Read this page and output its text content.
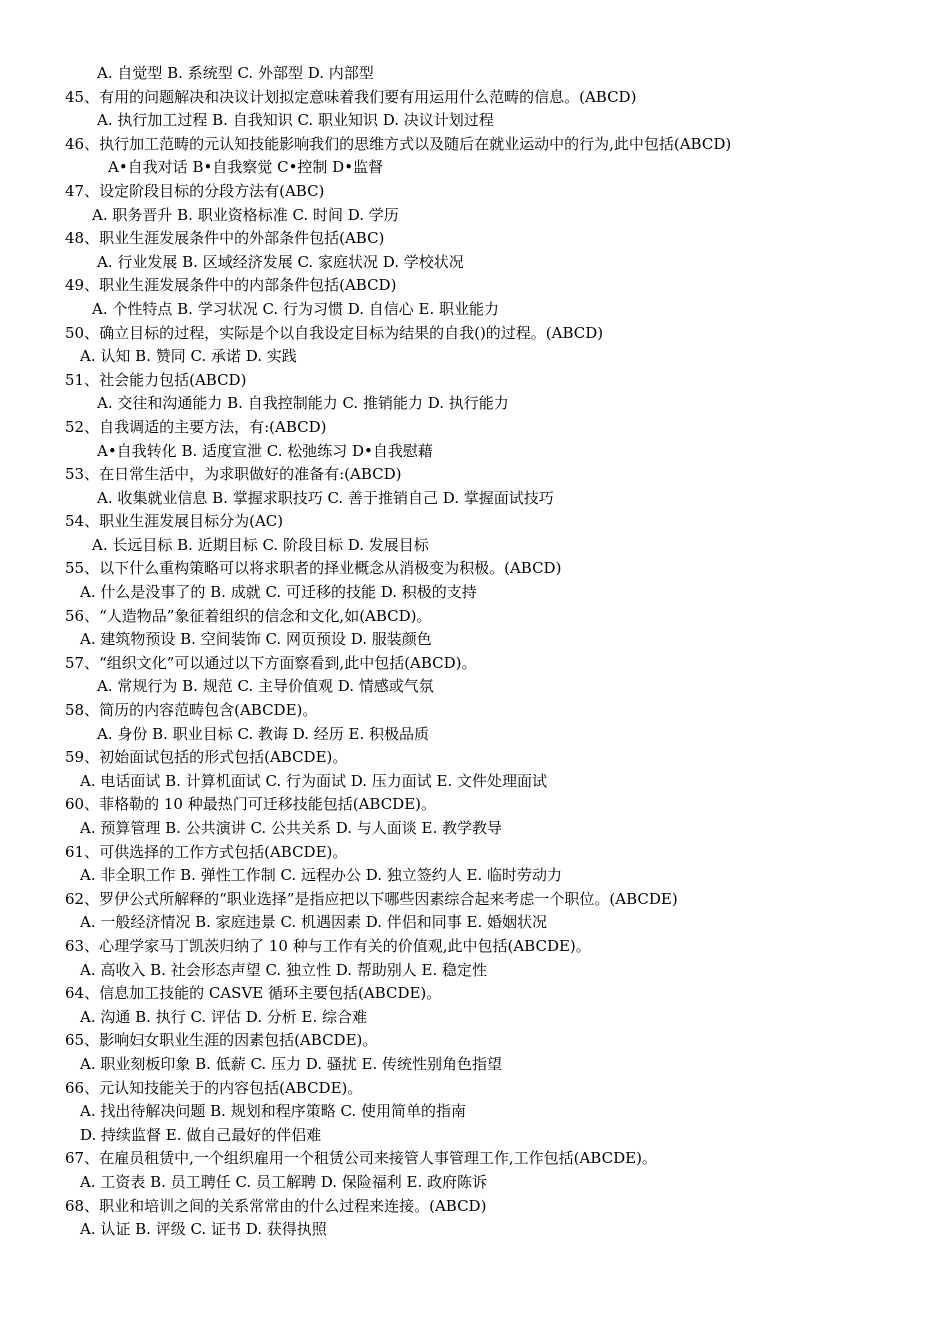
A. 自觉型 B. 系统型 C. 外部型 D. 内部型
45、有用的问题解决和决议计划拟定意味着我们要有用运用什么范畴的信息。(ABCD)
A. 执行加工过程 B. 自我知识 C. 职业知识 D. 决议计划过程
46、执行加工范畴的元认知技能影响我们的思维方式以及随后在就业运动中的行为,此中包括(ABCD)
A•自我对话 B•自我察觉 C•控制 D•监督
47、设定阶段目标的分段方法有(ABC)
A. 职务晋升 B. 职业资格标准 C. 时间 D. 学历
48、职业生涯发展条件中的外部条件包括(ABC)
A. 行业发展 B. 区域经济发展 C. 家庭状况 D. 学校状况
49、职业生涯发展条件中的内部条件包括(ABCD)
A. 个性特点 B. 学习状况 C. 行为习惯 D. 自信心 E. 职业能力
50、确立目标的过程，实际是个以自我设定目标为结果的自我()的过程。(ABCD)
A. 认知 B. 赞同 C. 承诺 D. 实践
51、社会能力包括(ABCD)
A. 交往和沟通能力 B. 自我控制能力 C. 推销能力 D. 执行能力
52、自我调适的主要方法，有:(ABCD)
A•自我转化 B. 适度宣泄 C. 松弛练习 D•自我慰藉
53、在日常生活中，为求职做好的准备有:(ABCD)
A. 收集就业信息 B. 掌握求职技巧 C. 善于推销自己 D. 掌握面试技巧
54、职业生涯发展目标分为(AC)
A. 长远目标 B. 近期目标 C. 阶段目标 D. 发展目标
55、以下什么重构策略可以将求职者的择业概念从消极变为积极。(ABCD)
A. 什么是没事了的 B. 成就 C. 可迁移的技能 D. 积极的支持
56、“人造物品”象征着组织的信念和文化,如(ABCD)。
A. 建筑物预设 B. 空间装饰 C. 网页预设 D. 服装颜色
57、“组织文化”可以通过以下方面察看到,此中包括(ABCD)。
A. 常规行为 B. 规范 C. 主导价值观 D. 情感或气氛
58、简历的内容范畴包含(ABCDE)。
A. 身份 B. 职业目标 C. 教诲 D. 经历 E. 积极品质
59、初始面试包括的形式包括(ABCDE)。
A. 电话面试 B. 计算机面试 C. 行为面试 D. 压力面试 E. 文件处理面试
60、菲格勒的 10 种最热门可迁移技能包括(ABCDE)。
A. 预算管理 B. 公共演讲 C. 公共关系 D. 与人面谈 E. 教学教导
61、可供选择的工作方式包括(ABCDE)。
A. 非全职工作 B. 弹性工作制 C. 远程办公 D. 独立签约人 E. 临时劳动力
62、罗伊公式所解释的“职业选择”是指应把以下哪些因素综合起来考虑一个职位。(ABCDE)
A. 一般经济情况 B. 家庭违景 C. 机遇因素 D. 伴侣和同事 E. 婚姻状况
63、心理学家马丁凯茨归纳了 10 种与工作有关的价值观,此中包括(ABCDE)。
A. 高收入 B. 社会形态声望 C. 独立性 D. 帮助别人 E. 稳定性
64、信息加工技能的 CASVE 循环主要包括(ABCDE)。
A. 沟通 B. 执行 C. 评估 D. 分析 E. 综合难
65、影响妇女职业生涯的因素包括(ABCDE)。
A. 职业刻板印象 B. 低薪 C. 压力 D. 骚扰 E. 传统性别角色指望
66、元认知技能关于的内容包括(ABCDE)。
A. 找出待解决问题 B. 规划和程序策略 C. 使用简单的指南
D. 持续监督 E. 做自己最好的伴侣难
67、在雇员租赁中,一个组织雇用一个租赁公司来接管人事管理工作,工作包括(ABCDE)。
A. 工资表 B. 员工聘任 C. 员工解聘 D. 保险福利 E. 政府陈诉
68、职业和培训之间的关系常常由的什么过程来连接。(ABCD)
A. 认证 B. 评级 C. 证书 D. 获得执照
